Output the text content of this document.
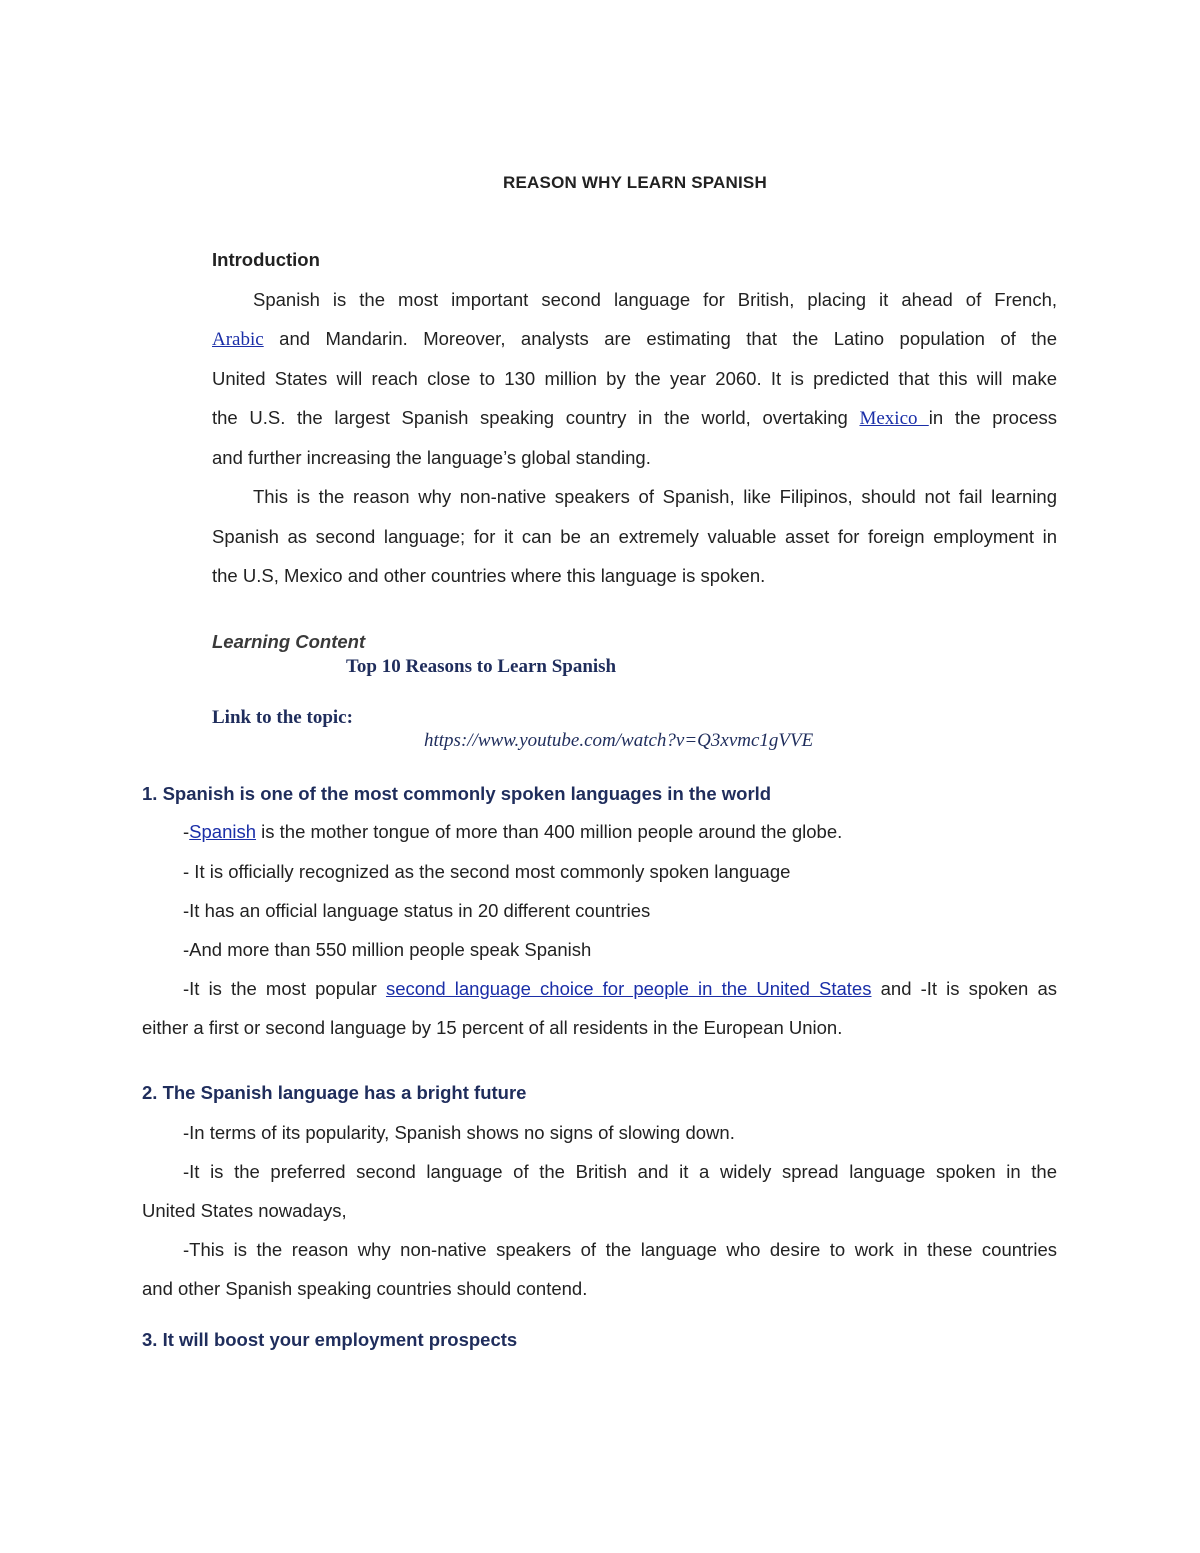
REASON WHY LEARN SPANISH
Introduction
Spanish is the most important second language for British, placing it ahead of French,
Arabic and Mandarin. Moreover, analysts are estimating that the Latino population of the
United States will reach close to 130 million by the year 2060. It is predicted that this will make
the U.S. the largest Spanish speaking country in the world, overtaking Mexico in the process
and further increasing the language’s global standing.
This is the reason why non-native speakers of Spanish, like Filipinos, should not fail learning
Spanish as second language; for it can be an extremely valuable asset for foreign employment in
the U.S, Mexico and other countries where this language is spoken.
Learning Content
Top 10 Reasons to Learn Spanish
Link to the topic:
https://www.youtube.com/watch?v=Q3xvmc1gVVE
1. Spanish is one of the most commonly spoken languages in the world
-Spanish is the mother tongue of more than 400 million people around the globe.
- It is officially recognized as the second most commonly spoken language
-It has an official language status in 20 different countries
-And more than 550 million people speak Spanish
-It is the most popular second language choice for people in the United States and -It is spoken as
either a first or second language by 15 percent of all residents in the European Union.
2. The Spanish language has a bright future
-In terms of its popularity, Spanish shows no signs of slowing down.
-It is the preferred second language of the British and it a widely spread language spoken in the
United States nowadays,
-This is the reason why non-native speakers of the language who desire to work in these countries
and other Spanish speaking countries should contend.
3. It will boost your employment prospects
